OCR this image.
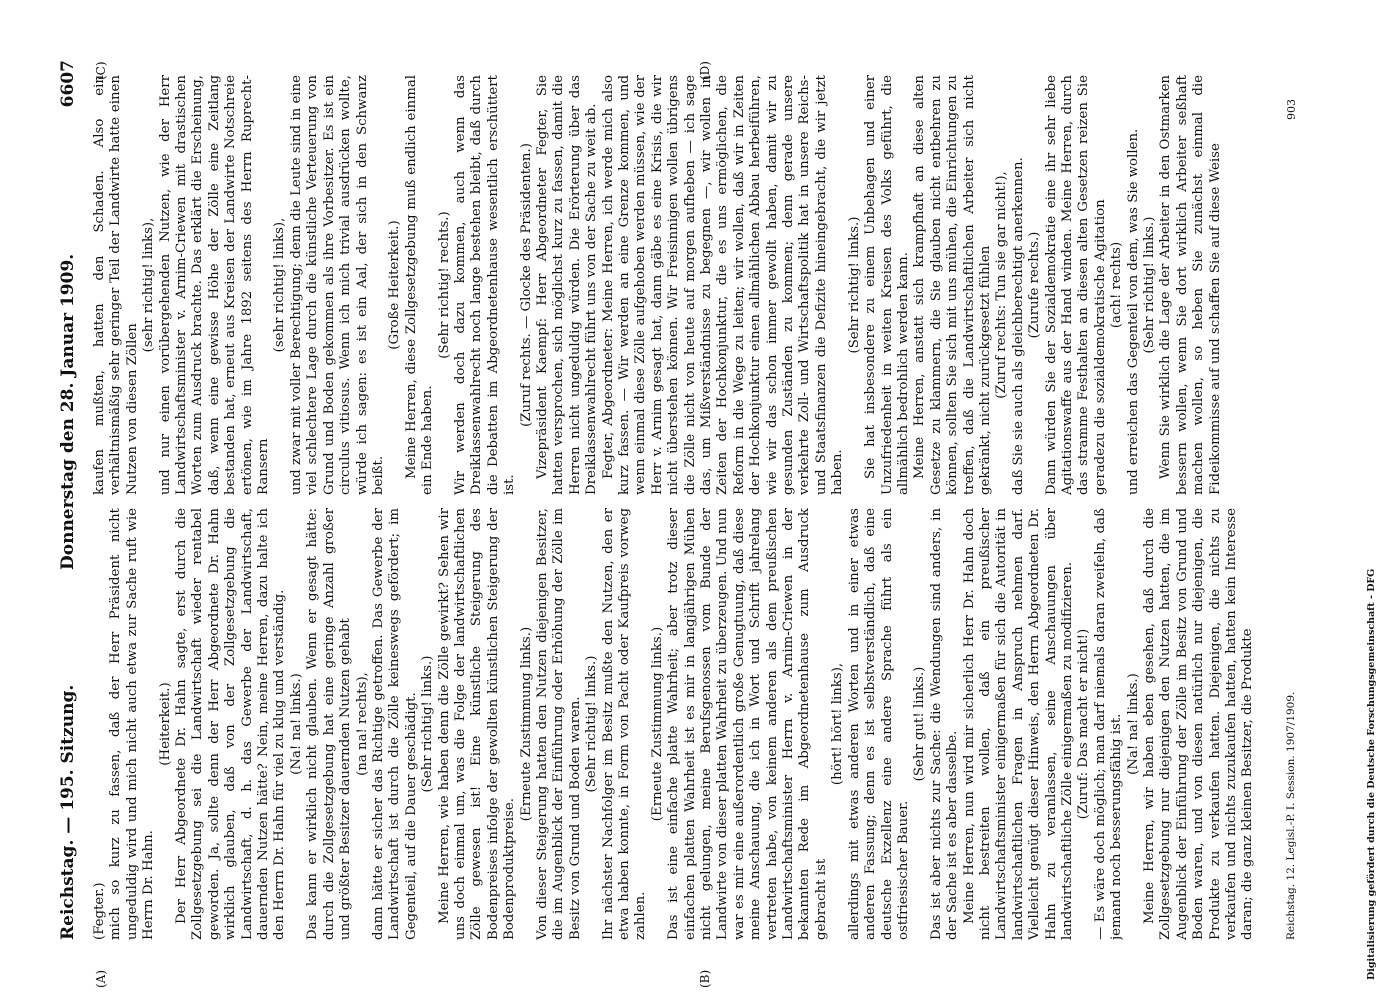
Reichstag. — 195. Sitzung.
Donnerstag den 28. Januar 1909.
6607
(A)	(B)
(C)	(D)

(Fegter.) mich so kurz zu fassen, daß der Herr Präsident nicht ungeduldig wird und mich nicht auch etwa zur Sache ruft wie Herrn Dr. Hahn.

(Heiterkeit.) Der Herr Abgeordnete Dr. Hahn sagte, erst durch die Zollgesetzgebung sei die Landwirtschaft wieder rentabel geworden. Ja, sollte denn der Herr Abgeordnete Dr. Hahn wirklich glauben, daß von der Zollgesetzgebung die Landwirtschaft, d. h. das Gewerbe der Landwirtschaft, dauernden Nutzen hätte? Nein, meine Herren, dazu halte ich den Herrn Dr. Hahn für viel zu klug und verständig. (Na! na! links.) Das kann er wirklich nicht glauben. Wenn er gesagt hätte: durch die Zollgesetzgebung hat eine geringe Anzahl großer und größter Besitzer dauernden Nutzen gehabt (na na! rechts), dann hätte er sicher das Richtige getroffen. Das Gewerbe der Landwirtschaft ist durch die Zölle keineswegs gefördert; im Gegenteil, auf die Dauer geschädigt. (Sehr richtig! links.) Meine Herren, wie haben denn die Zölle gewirkt? Sehen wir uns doch einmal um, was die Folge der landwirtschaftlichen Zölle gewesen ist! Eine künstliche Steigerung des Bodenpreises infolge der gewollten künstlichen Steigerung der Bodenproduktpreise.

(Erneute Zustimmung links.) Von dieser Steigerung hatten den Nutzen diejenigen Besitzer, die im Augenblick der Einführung oder Erhöhung der Zölle im Besitz von Grund und Boden waren. (Sehr richtig! links.) Ihr nächster Nachfolger im Besitz mußte den Nutzen, den er etwa haben konnte, in Form von Pacht oder Kaufpreis vorweg zahlen.

(Erneute Zustimmung links.) Das ist eine einfache platte Wahrheit; aber trotz dieser einfachen platten Wahrheit ist es mir in langjährigen Mühen nicht gelungen, meine Berufsgenossen vom Bunde der Landwirte von dieser platten Wahrheit zu überzeugen. Und nun war es mir eine außerordentlich große Genugtuung, daß diese meine Anschauung, die ich in Wort und Schrift jahrelang vertreten habe, von keinem anderen als dem preußischen Landwirtschaftsminister Herrn v. Arnim-Criewen in der bekannten Rede im Abgeordnetenhause zum Ausdruck gebracht ist

(hört! hört! links), allerdings mit etwas anderen Worten und in einer etwas anderen Fassung; denn es ist selbstverständlich, daß eine deutsche Exzellenz eine andere Sprache führt als ein ostfriesischer Bauer.

(Sehr gut! links.) Das ist aber nichts zur Sache: die Wendungen sind anders, in der Sache ist es aber dasselbe. Meine Herren, nun wird mir sicherlich Herr Dr. Hahn doch nicht bestreiten wollen, daß ein preußischer Landwirtschaftsminister einigermaßen für sich die Autorität in landwirtschaftlichen Fragen in Anspruch nehmen darf. Vielleicht genügt dieser Hinweis, den Herrn Abgeordneten Dr. Hahn zu veranlassen, seine Anschauungen über landwirtschaftliche Zölle einigermaßen zu modifizieren. (Zuruf: Das macht er nicht!) — Es wäre doch möglich; man darf niemals daran zweifeln, daß jemand noch besserungsfähig ist. (Na! na! links.) Meine Herren, wir haben eben gesehen, daß durch die Zollgesetzgebung nur diejenigen den Nutzen hatten, die im Augenblick der Einführung der Zölle im Besitz von Grund und Boden waren, und von diesen natürlich nur diejenigen, die Produkte zu verkaufen hatten. Diejenigen, die nichts zu verkaufen und nichts zuzukaufen hatten, hatten kein Interesse daran; die ganz kleinen Besitzer, die Produkte

kaufen mußten, hatten den Schaden. Also ein verhältnismäßig sehr geringer Teil der Landwirte hatte einen Nutzen von diesen Zöllen

(sehr richtig! links), und nur einen vorübergehenden Nutzen, wie der Herr Landwirtschaftsminister v. Arnim-Criewen mit drastischen Worten zum Ausdruck brachte. Das erklärt die Erscheinung, daß, wenn eine gewisse Höhe der Zölle eine Zeitlang bestanden hat, erneut aus Kreisen der Landwirte Notschreie ertönen, wie im Jahre 1892 seitens des Herrn Ruprecht-Ransern

(sehr richtig! links), und zwar mit voller Berechtigung; denn die Leute sind in eine viel schlechtere Lage durch die künstliche Verteuerung von Grund und Boden gekommen als ihre Vorbesitzer. Es ist ein circulus vitiosus. Wenn ich mich trivial ausdrücken wollte, würde ich sagen: es ist ein Aal, der sich in den Schwanz beißt.

(Große Heiterkeit.) Meine Herren, diese Zollgesetzgebung muß endlich einmal ein Ende haben.

(Sehr richtig! rechts.) Wir werden doch dazu kommen, auch wenn das Dreiklassenwahlrecht noch lange bestehen bleibt, daß durch die Debatten im Abgeordnetenhause wesentlich erschüttert ist.

(Zuruf rechts. — Glocke des Präsidenten.) Vizepräsident Kaempf: Herr Abgeordneter Fegter, Sie hatten versprochen, sich möglichst kurz zu fassen, damit die Herren nicht ungeduldig würden. Die Erörterung über das Dreiklassenwahlrecht führt uns von der Sache zu weit ab. Fegter, Abgeordneter: Meine Herren, ich werde mich also kurz fassen. — Wir werden an eine Grenze kommen, und wenn einmal diese Zölle aufgehoben werden müssen, wie der Herr v. Arnim gesagt hat, dann gäbe es eine Krisis, die wir nicht überstehen können. Wir Freisinnigen wollen übrigens die Zölle nicht von heute auf morgen aufheben — ich sage das, um Mißverständnisse zu begegnen —, wir wollen in Zeiten der Hochkonjunktur, die es uns ermöglichen, die Reform in die Wege zu leiten; wir wollen, daß wir in Zeiten der Hochkonjunktur einen allmählichen Abbau herbeiführen, wie wir das schon immer gewollt haben, damit wir zu gesunden Zuständen zu kommen; denn gerade unsere verkehrte Zoll- und Wirtschaftspolitik hat in unsere Reichs- und Staatsfinanzen die Defizite hineingebracht, die wir jetzt haben.

(Sehr richtig! links.) Sie hat insbesondere zu einem Unbehagen und einer Unzufriedenheit in weiten Kreisen des Volks geführt, die allmählich bedrohlich werden kann. Meine Herren, anstatt sich krampfhaft an diese alten Gesetze zu klammern, die Sie glauben nicht entbehren zu können, sollten Sie sich mit uns mühen, die Einrichtungen zu treffen, daß die Landwirtschaftlichen Arbeiter sich nicht gekränkt, nicht zurückgesetzt fühlen (Zuruf rechts: Tun sie gar nicht!), daß Sie sie auch als gleichberechtigt anerkennen. (Zurufe rechts.) Dann würden Sie der Sozialdemokratie eine ihr sehr liebe Agitationswaffe aus der Hand winden. Meine Herren, durch das stramme Festhalten an diesen alten Gesetzen reizen Sie geradezu die sozialdemokratische Agitation (ach! rechts) und erreichen das Gegenteil von dem, was Sie wollen. (Sehr richtig! links.) Wenn Sie wirklich die Lage der Arbeiter in den Ostmarken bessern wollen, wenn Sie dort wirklich Arbeiter seßhaft machen wollen, so heben Sie zunächst einmal die Fideikommisse auf und schaffen Sie auf diese Weise

Reichstag. 12. Legisl.-P. I. Session. 1907/1909.
903
Digitalisierung gefördert durch die Deutsche Forschungsgemeinschaft - DFG
